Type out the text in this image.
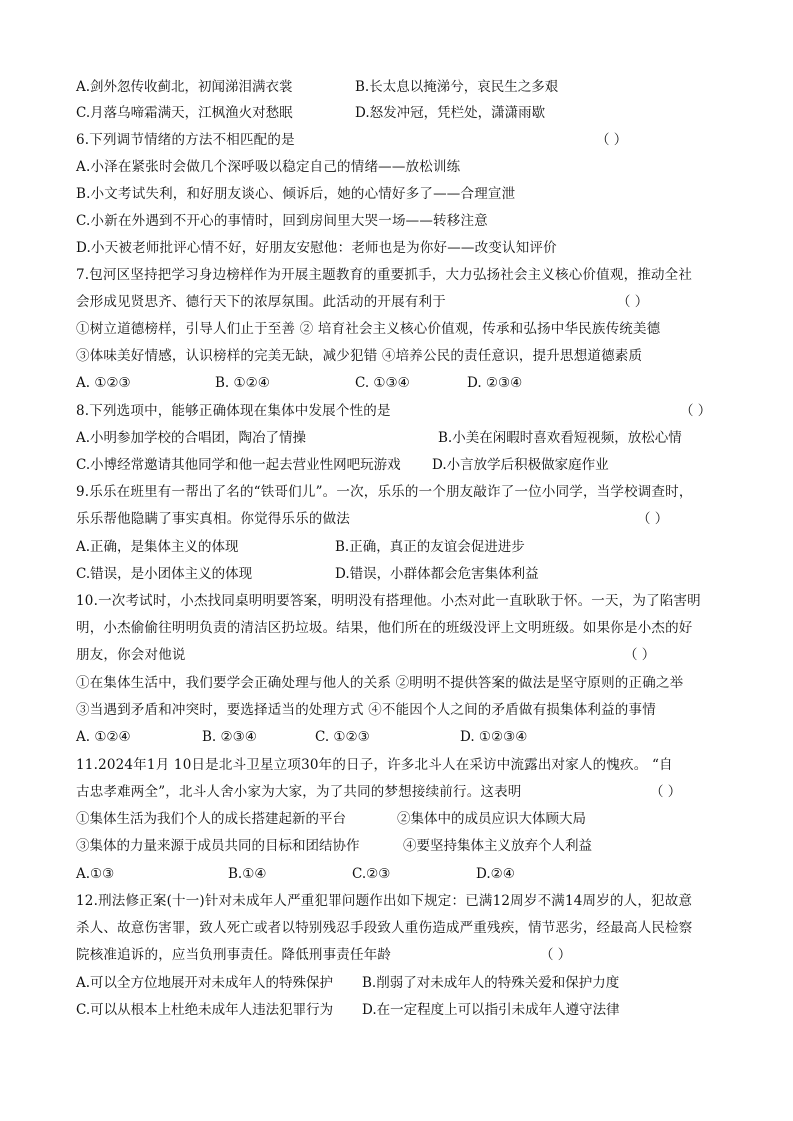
A.剑外忽传收蓟北，初闻涕泪满衣裳	B.长太息以掩涕兮，哀民生之多艰
C.月落乌啼霜满天，江枫渔火对愁眠	D.怒发冲冠，凭栏处，潇潇雨歇
6.下列调节情绪的方法不相匹配的是	（ ）
A.小泽在紧张时会做几个深呼吸以稳定自己的情绪——放松训练
B.小文考试失利，和好朋友谈心、倾诉后，她的心情好多了——合理宣泄
C.小新在外遇到不开心的事情时，回到房间里大哭一场——转移注意
D.小天被老师批评心情不好，好朋友安慰他：老师也是为你好——改变认知评价
7.包河区坚持把学习身边榜样作为开展主题教育的重要抓手，大力弘扬社会主义核心价值观，推动全社
会形成见贤思齐、德行天下的浓厚氛围。此活动的开展有利于	（ ）
①树立道德榜样，引导人们止于至善 ② 培育社会主义核心价值观，传承和弘扬中华民族传统美德
③体味美好情感，认识榜样的完美无缺，减少犯错 ④培养公民的责任意识，提升思想道德素质
A. ①②③	B. ①②④	C. ①③④	D. ②③④
8.下列选项中，能够正确体现在集体中发展个性的是	（ ）
A.小明参加学校的合唱团，陶冶了情操	B.小美在闲暇时喜欢看短视频，放松心情
C.小博经常邀请其他同学和他一起去营业性网吧玩游戏 D.小言放学后积极做家庭作业
9.乐乐在班里有一帮出了名的“铁哥们儿”。一次，乐乐的一个朋友敲诈了一位小同学，当学校调查时，
乐乐帮他隐瞒了事实真相。你觉得乐乐的做法	（ ）
A.正确，是集体主义的体现	B.正确，真正的友谊会促进进步
C.错误，是小团体主义的体现	D.错误，小群体都会危害集体利益
10.一次考试时，小杰找同桌明明要答案，明明没有搭理他。小杰对此一直耿耿于怀。一天，为了陷害明
明，小杰偷偷往明明负责的清洁区扔垃圾。结果，他们所在的班级没评上文明班级。如果你是小杰的好
朋友，你会对他说	（ ）
①在集体生活中，我们要学会正确处理与他人的关系 ②明明不提供答案的做法是坚守原则的正确之举
③当遇到矛盾和冲突时，要选择适当的处理方式 ④不能因个人之间的矛盾做有损集体利益的事情
A. ①②④	B. ②③④	C. ①②③	D. ①②③④
11.2024年1月 10日是北斗卫星立项30年的日子，许多北斗人在采访中流露出对家人的愧疚。 “自
古忠孝难两全”，北斗人舍小家为大家，为了共同的梦想接续前行。这表明	（ ）
①集体生活为我们个人的成长搭建起新的平台	②集体中的成员应识大体顾大局
③集体的力量来源于成员共同的目标和团结协作	④要坚持集体主义放弃个人利益
A.①③	B.①④	C.②③	D.②④
12.刑法修正案(十一)针对未成年人严重犯罪问题作出如下规定：已满12周岁不满14周岁的人，犯故意
杀人、故意伤害罪，致人死亡或者以特别残忍手段致人重伤造成严重残疾，情节恶劣，经最高人民检察
院核准追诉的，应当负刑事责任。降低刑事责任年龄	（ ）
A.可以全方位地展开对未成年人的特殊保护 B.削弱了对未成年人的特殊关爱和保护力度
C.可以从根本上杜绝未成年人违法犯罪行为 D.在一定程度上可以指引未成年人遵守法律
